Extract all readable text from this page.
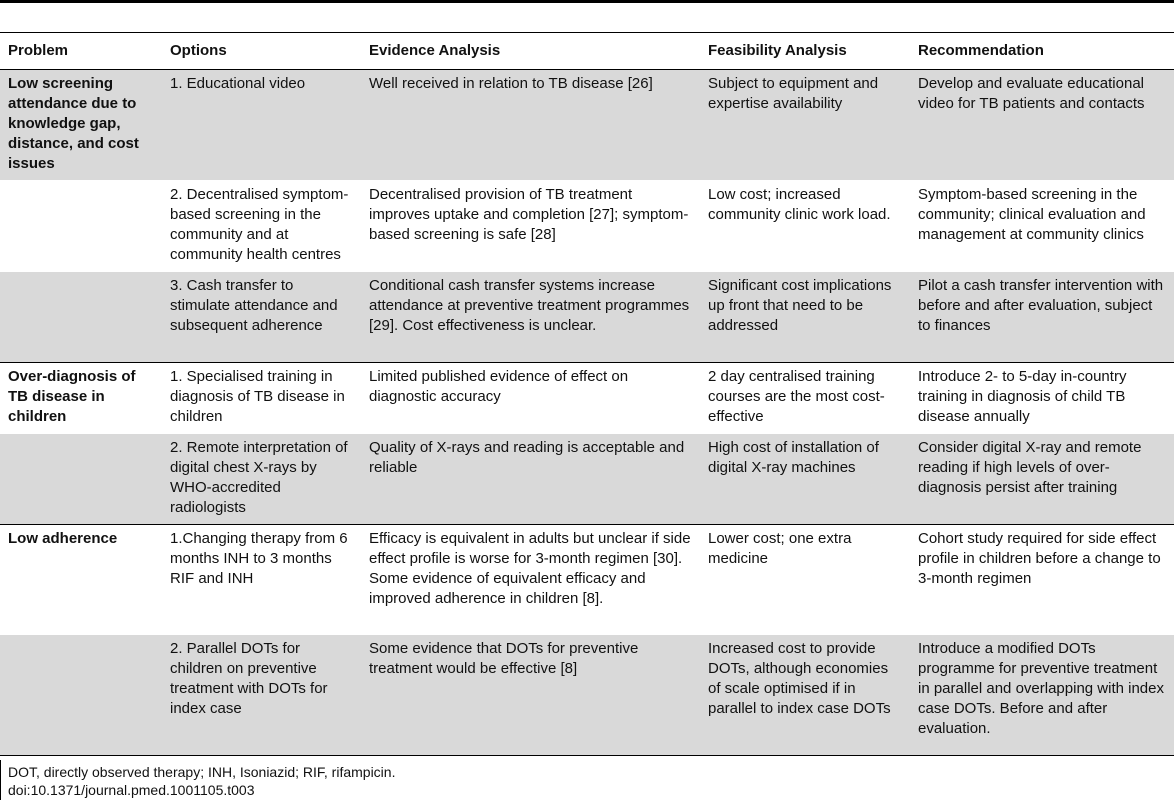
Problem	Options	Evidence Analysis	Feasibility Analysis	Recommendation
Low screening attendance due to knowledge gap, distance, and cost issues	1. Educational video	Well received in relation to TB disease [26]	Subject to equipment and expertise availability	Develop and evaluate educational video for TB patients and contacts
	2. Decentralised symptom-based screening in the community and at community health centres	Decentralised provision of TB treatment improves uptake and completion [27]; symptom-based screening is safe [28]	Low cost; increased community clinic work load.	Symptom-based screening in the community; clinical evaluation and management at community clinics
	3. Cash transfer to stimulate attendance and subsequent adherence	Conditional cash transfer systems increase attendance at preventive treatment programmes [29]. Cost effectiveness is unclear.	Significant cost implications up front that need to be addressed	Pilot a cash transfer intervention with before and after evaluation, subject to finances
Over-diagnosis of TB disease in children	1. Specialised training in diagnosis of TB disease in children	Limited published evidence of effect on diagnostic accuracy	2 day centralised training courses are the most cost-effective	Introduce 2- to 5-day in-country training in diagnosis of child TB disease annually
	2. Remote interpretation of digital chest X-rays by WHO-accredited radiologists	Quality of X-rays and reading is acceptable and reliable	High cost of installation of digital X-ray machines	Consider digital X-ray and remote reading if high levels of over-diagnosis persist after training
Low adherence	1.Changing therapy from 6 months INH to 3 months RIF and INH	Efficacy is equivalent in adults but unclear if side effect profile is worse for 3-month regimen [30]. Some evidence of equivalent efficacy and improved adherence in children [8].	Lower cost; one extra medicine	Cohort study required for side effect profile in children before a change to 3-month regimen
	2. Parallel DOTs for children on preventive treatment with DOTs for index case	Some evidence that DOTs for preventive treatment would be effective [8]	Increased cost to provide DOTs, although economies of scale optimised if in parallel to index case DOTs	Introduce a modified DOTs programme for preventive treatment in parallel and overlapping with index case DOTs. Before and after evaluation.
DOT, directly observed therapy; INH, Isoniazid; RIF, rifampicin.
doi:10.1371/journal.pmed.1001105.t003
